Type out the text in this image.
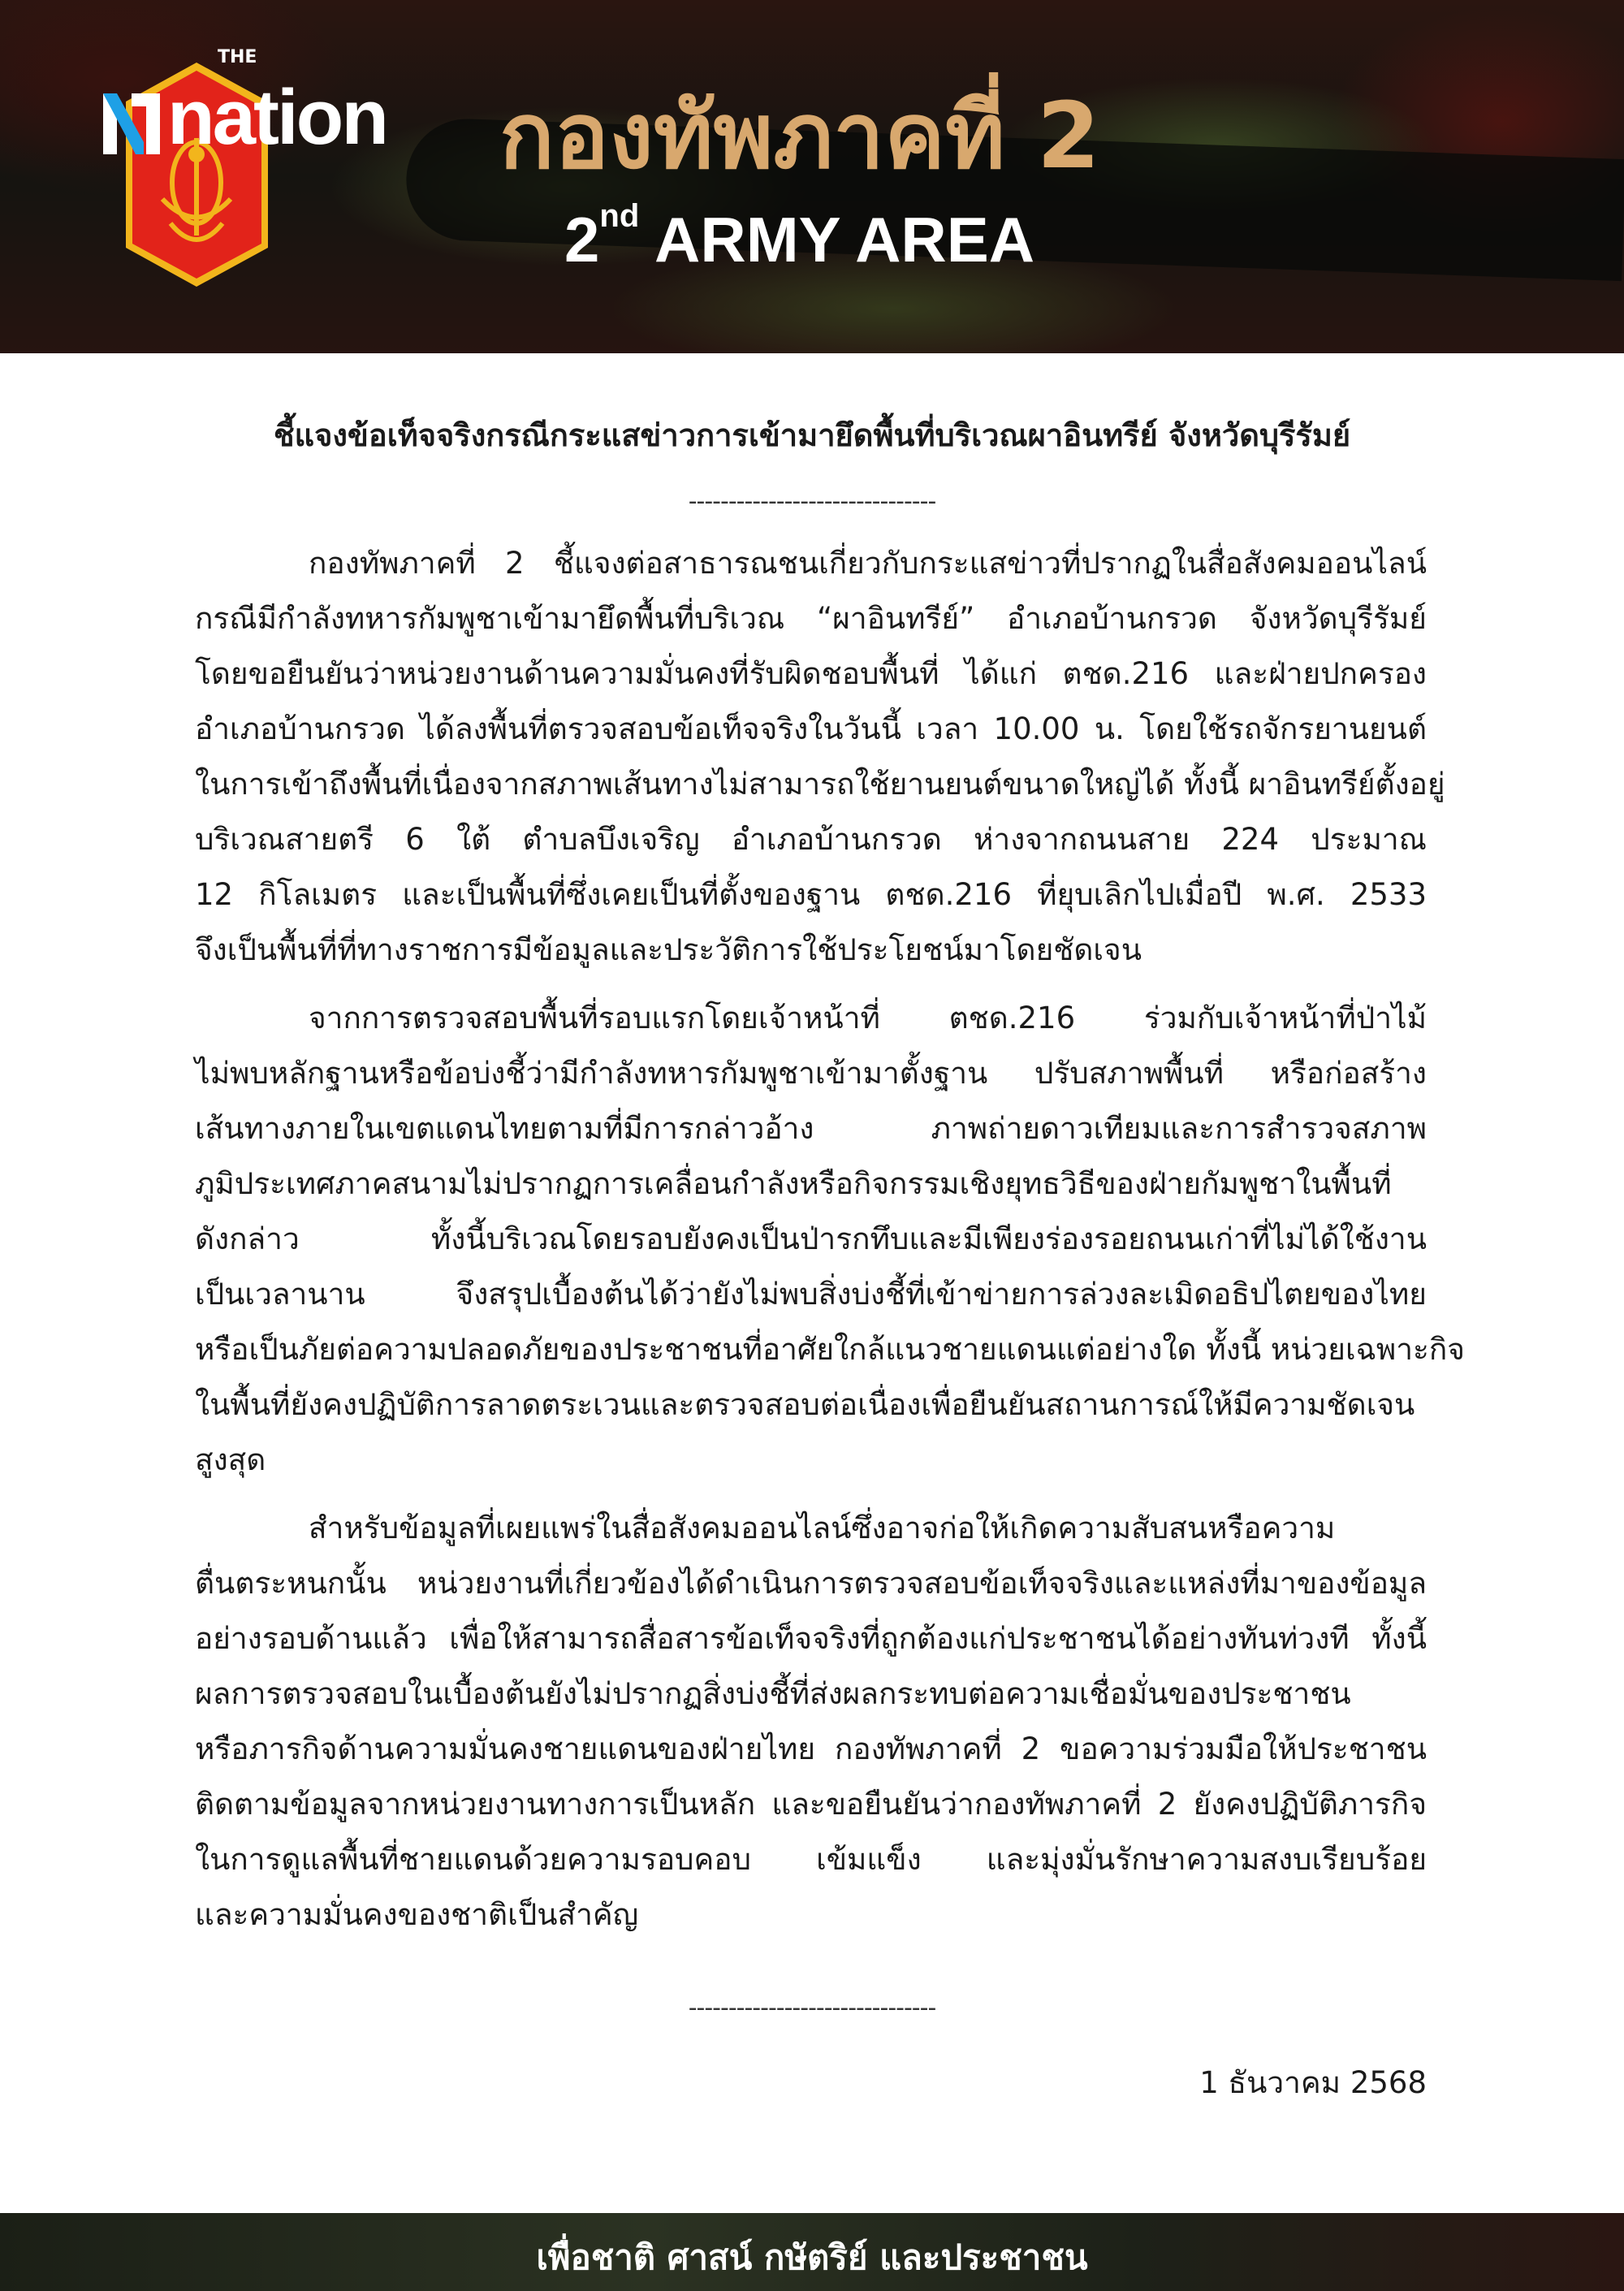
nation
THE
กองทัพภาคที่ 2
2nd ARMY AREA
ชี้แจงข้อเท็จจริงกรณีกระแสข่าวการเข้ามายึดพื้นที่บริเวณผาอินทรีย์ จังหวัดบุรีรัมย์
-------------------------------
กองทัพภาคที่ 2 ชี้แจงต่อสาธารณชนเกี่ยวกับกระแสข่าวที่ปรากฏในสื่อสังคมออนไลน์
กรณีมีกำลังทหารกัมพูชาเข้ามายึดพื้นที่บริเวณ “ผาอินทรีย์” อำเภอบ้านกรวด จังหวัดบุรีรัมย์
โดยขอยืนยันว่าหน่วยงานด้านความมั่นคงที่รับผิดชอบพื้นที่ ได้แก่ ตชด.216 และฝ่ายปกครอง
อำเภอบ้านกรวด ได้ลงพื้นที่ตรวจสอบข้อเท็จจริงในวันนี้ เวลา 10.00 น. โดยใช้รถจักรยานยนต์
ในการเข้าถึงพื้นที่เนื่องจากสภาพเส้นทางไม่สามารถใช้ยานยนต์ขนาดใหญ่ได้ ทั้งนี้ ผาอินทรีย์ตั้งอยู่
บริเวณสายตรี 6 ใต้ ตำบลบึงเจริญ อำเภอบ้านกรวด ห่างจากถนนสาย 224 ประมาณ
12 กิโลเมตร และเป็นพื้นที่ซึ่งเคยเป็นที่ตั้งของฐาน ตชด.216 ที่ยุบเลิกไปเมื่อปี พ.ศ. 2533
จึงเป็นพื้นที่ที่ทางราชการมีข้อมูลและประวัติการใช้ประโยชน์มาโดยชัดเจน
จากการตรวจสอบพื้นที่รอบแรกโดยเจ้าหน้าที่ ตชด.216 ร่วมกับเจ้าหน้าที่ป่าไม้
ไม่พบหลักฐานหรือข้อบ่งชี้ว่ามีกำลังทหารกัมพูชาเข้ามาตั้งฐาน ปรับสภาพพื้นที่ หรือก่อสร้าง
เส้นทางภายในเขตแดนไทยตามที่มีการกล่าวอ้าง ภาพถ่ายดาวเทียมและการสำรวจสภาพ
ภูมิประเทศภาคสนามไม่ปรากฏการเคลื่อนกำลังหรือกิจกรรมเชิงยุทธวิธีของฝ่ายกัมพูชาในพื้นที่
ดังกล่าว ทั้งนี้บริเวณโดยรอบยังคงเป็นป่ารกทึบและมีเพียงร่องรอยถนนเก่าที่ไม่ได้ใช้งาน
เป็นเวลานาน จึงสรุปเบื้องต้นได้ว่ายังไม่พบสิ่งบ่งชี้ที่เข้าข่ายการล่วงละเมิดอธิปไตยของไทย
หรือเป็นภัยต่อความปลอดภัยของประชาชนที่อาศัยใกล้แนวชายแดนแต่อย่างใด ทั้งนี้ หน่วยเฉพาะกิจ
ในพื้นที่ยังคงปฏิบัติการลาดตระเวนและตรวจสอบต่อเนื่องเพื่อยืนยันสถานการณ์ให้มีความชัดเจน
สูงสุด
สำหรับข้อมูลที่เผยแพร่ในสื่อสังคมออนไลน์ซึ่งอาจก่อให้เกิดความสับสนหรือความ
ตื่นตระหนกนั้น หน่วยงานที่เกี่ยวข้องได้ดำเนินการตรวจสอบข้อเท็จจริงและแหล่งที่มาของข้อมูล
อย่างรอบด้านแล้ว เพื่อให้สามารถสื่อสารข้อเท็จจริงที่ถูกต้องแก่ประชาชนได้อย่างทันท่วงที ทั้งนี้
ผลการตรวจสอบในเบื้องต้นยังไม่ปรากฏสิ่งบ่งชี้ที่ส่งผลกระทบต่อความเชื่อมั่นของประชาชน
หรือภารกิจด้านความมั่นคงชายแดนของฝ่ายไทย กองทัพภาคที่ 2 ขอความร่วมมือให้ประชาชน
ติดตามข้อมูลจากหน่วยงานทางการเป็นหลัก และขอยืนยันว่ากองทัพภาคที่ 2 ยังคงปฏิบัติภารกิจ
ในการดูแลพื้นที่ชายแดนด้วยความรอบคอบ เข้มแข็ง และมุ่งมั่นรักษาความสงบเรียบร้อย
และความมั่นคงของชาติเป็นสำคัญ
-------------------------------
1 ธันวาคม 2568
เพื่อชาติ ศาสน์ กษัตริย์ และประชาชน
